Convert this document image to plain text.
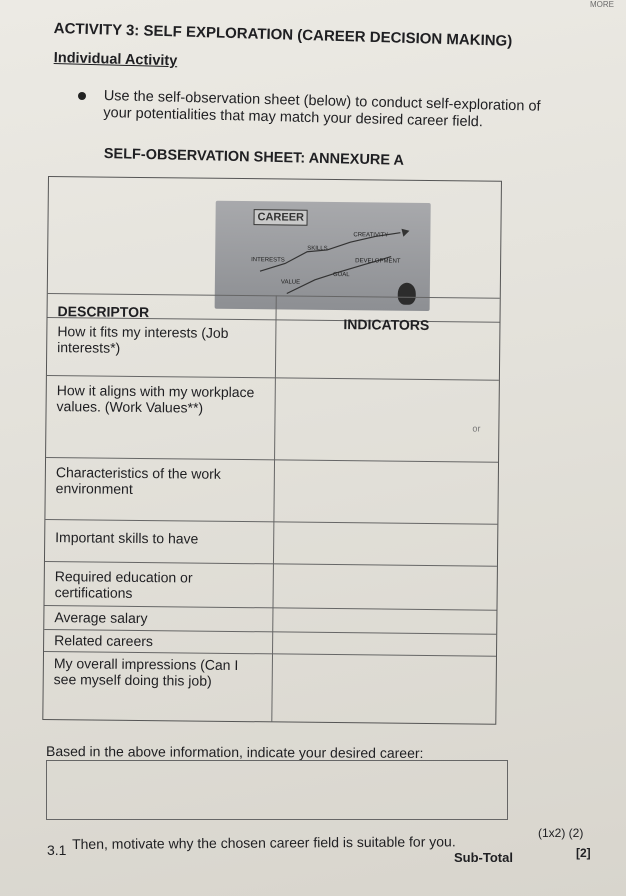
MORE
ACTIVITY 3: SELF EXPLORATION (CAREER DECISION MAKING)
Individual Activity
Use the self-observation sheet (below) to conduct self-exploration of your potentialities that may match your desired career field.
SELF-OBSERVATION SHEET: ANNEXURE A
CAREER
CREATIVITY
SKILLS
INTERESTS	DEVELOPMENT
VALUE
GOAL
DESCRIPTOR
INDICATORS
How it fits my interests (Job interests*)
How it aligns with my workplace values. (Work Values**)
Characteristics of the work environment
Important skills to have
Required education or certifications
Average salary
Related careers
My overall impressions (Can I see myself doing this job)
or
Based in the above information, indicate your desired career:
3.1 Then, motivate why the chosen career field is suitable for you.
(1x2) (2)
Sub-Total	[2]
